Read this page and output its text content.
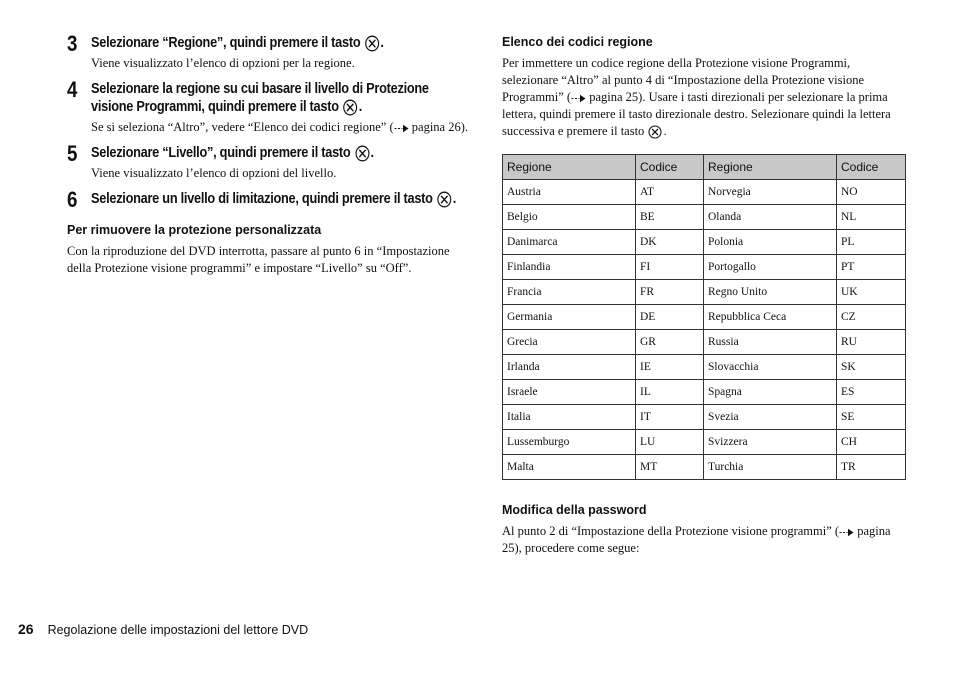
3 Selezionare “Regione”, quindi premere il tasto .
Viene visualizzato l’elenco di opzioni per la regione.
4 Selezionare la regione su cui basare il livello di Protezione visione Programmi, quindi premere il tasto .
Se si seleziona “Altro”, vedere “Elenco dei codici regione” ( pagina 26).
5 Selezionare “Livello”, quindi premere il tasto .
Viene visualizzato l’elenco di opzioni del livello.
6 Selezionare un livello di limitazione, quindi premere il tasto .
Per rimuovere la protezione personalizzata
Con la riproduzione del DVD interrotta, passare al punto 6 in “Impostazione della Protezione visione programmi” e impostare “Livello” su “Off”.
Elenco dei codici regione
Per immettere un codice regione della Protezione visione Programmi, selezionare “Altro” al punto 4 di “Impostazione della Protezione visione Programmi” ( pagina 25). Usare i tasti direzionali per selezionare la prima lettera, quindi premere il tasto direzionale destro. Selezionare quindi la lettera successiva e premere il tasto .
Regione	Codice	Regione	Codice
Austria	AT	Norvegia	NO
Belgio	BE	Olanda	NL
Danimarca	DK	Polonia	PL
Finlandia	FI	Portogallo	PT
Francia	FR	Regno Unito	UK
Germania	DE	Repubblica Ceca	CZ
Grecia	GR	Russia	RU
Irlanda	IE	Slovacchia	SK
Israele	IL	Spagna	ES
Italia	IT	Svezia	SE
Lussemburgo	LU	Svizzera	CH
Malta	MT	Turchia	TR
Modifica della password
Al punto 2 di “Impostazione della Protezione visione programmi” ( pagina 25), procedere come segue:
26 Regolazione delle impostazioni del lettore DVD
